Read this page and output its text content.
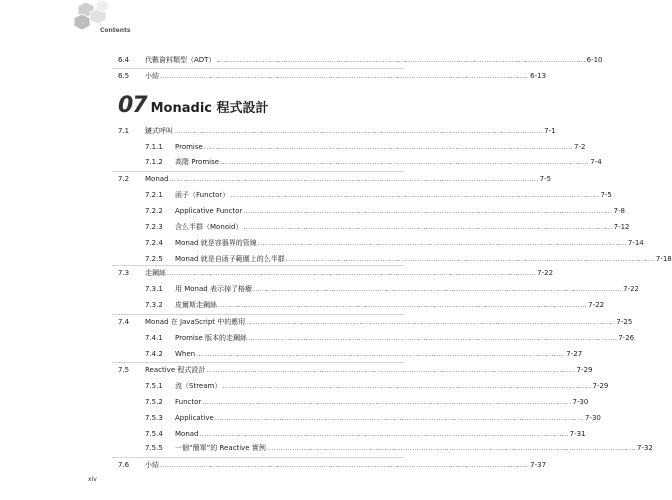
Contents
6.4 代數資料類型（ADT） ................................................................................................................................................................ 6-10
6.5 小結 ................................................................................................................................................................ 6-13
07 Monadic 程式設計
7.1 鏈式呼叫 ................................................................................................................................................................ 7-1
7.1.1 Promise ................................................................................................................................................................ 7-2
7.1.2 高階 Promise ................................................................................................................................................................ 7-4
7.2 Monad ................................................................................................................................................................ 7-5
7.2.1 函子（Functor） ................................................................................................................................................................ 7-5
7.2.2 Applicative Functor ................................................................................................................................................................ 7-8
7.2.3 含么半群（Monoid） ................................................................................................................................................................ 7-12
7.2.4 Monad 就是容器界的管線 ................................................................................................................................................................ 7-14
7.2.5 Monad 就是自函子範圍上的么半群 ................................................................................................................................................................ 7-18
7.3 走鋼絲 ................................................................................................................................................................ 7-22
7.3.1 用 Monad 表示掉了格癥 ................................................................................................................................................................ 7-22
7.3.2 皮爾斯走鋼絲 ................................................................................................................................................................ 7-22
7.4 Monad 在 JavaScript 中的應用 ................................................................................................................................................................ 7-25
7.4.1 Promise 版本的走鋼絲 ................................................................................................................................................................ 7-26
7.4.2 When ................................................................................................................................................................ 7-27
7.5 Reactive 程式設計 ................................................................................................................................................................ 7-29
7.5.1 流（Stream） ................................................................................................................................................................ 7-29
7.5.2 Functor ................................................................................................................................................................ 7-30
7.5.3 Applicative ................................................................................................................................................................ 7-30
7.5.4 Monad ................................................................................................................................................................ 7-31
7.5.5 一個“簡單”的 Reactive 實例 ................................................................................................................................................................ 7-32
7.6 小結 ................................................................................................................................................................ 7-37
xiv
